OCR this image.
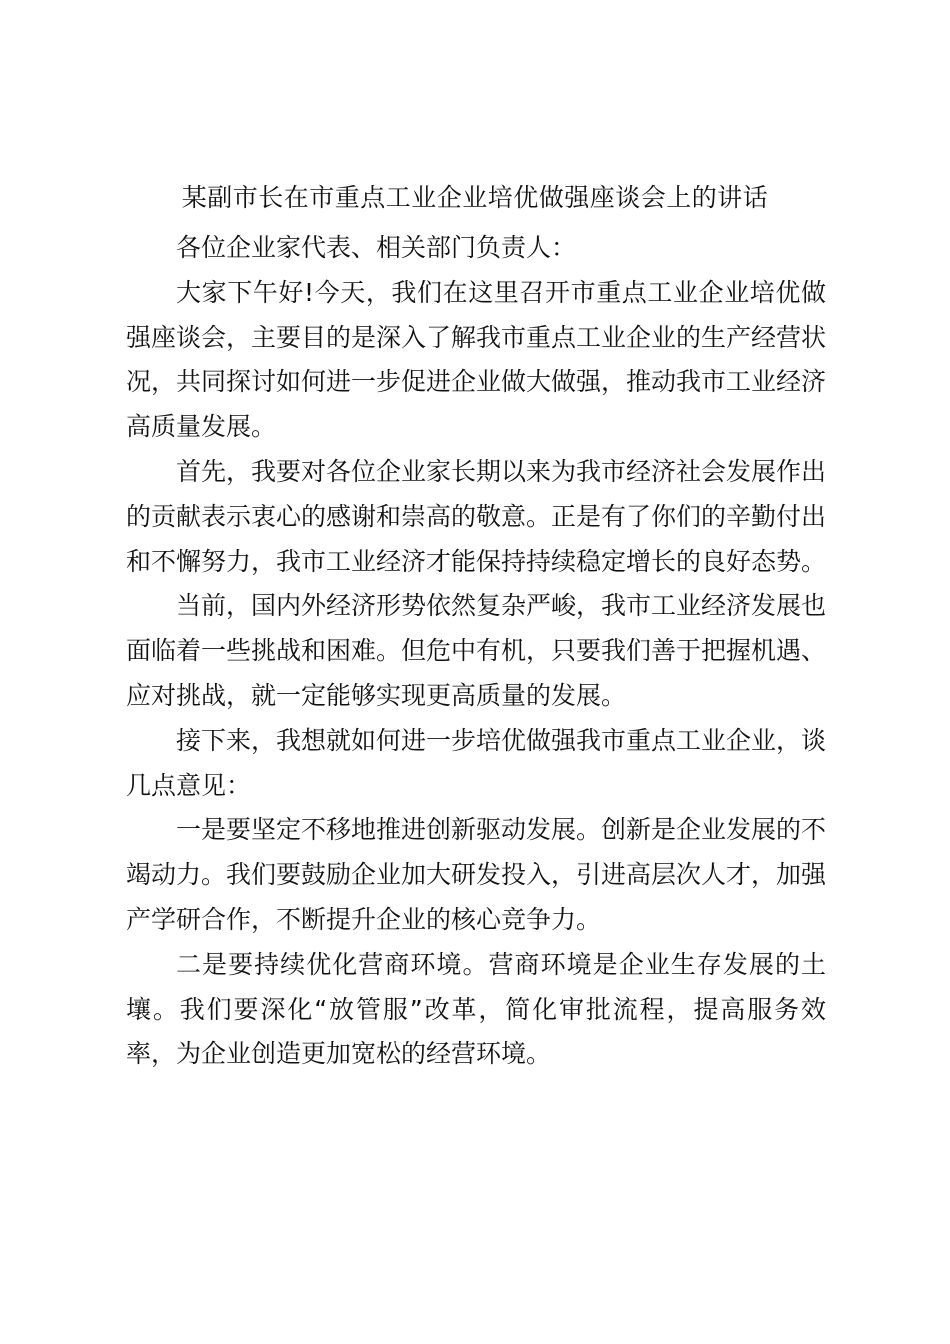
某副市长在市重点工业企业培优做强座谈会上的讲话

各位企业家代表、相关部门负责人：

大家下午好!今天，我们在这里召开市重点工业企业培优做强座谈会，主要目的是深入了解我市重点工业企业的生产经营状况，共同探讨如何进一步促进企业做大做强，推动我市工业经济高质量发展。

首先，我要对各位企业家长期以来为我市经济社会发展作出的贡献表示衷心的感谢和崇高的敬意。正是有了你们的辛勤付出和不懈努力，我市工业经济才能保持持续稳定增长的良好态势。

当前，国内外经济形势依然复杂严峻，我市工业经济发展也面临着一些挑战和困难。但危中有机，只要我们善于把握机遇、应对挑战，就一定能够实现更高质量的发展。

接下来，我想就如何进一步培优做强我市重点工业企业，谈几点意见：

一是要坚定不移地推进创新驱动发展。创新是企业发展的不竭动力。我们要鼓励企业加大研发投入，引进高层次人才，加强产学研合作，不断提升企业的核心竞争力。

二是要持续优化营商环境。营商环境是企业生存发展的土壤。我们要深化“放管服”改革，简化审批流程，提高服务效率，为企业创造更加宽松的经营环境。
